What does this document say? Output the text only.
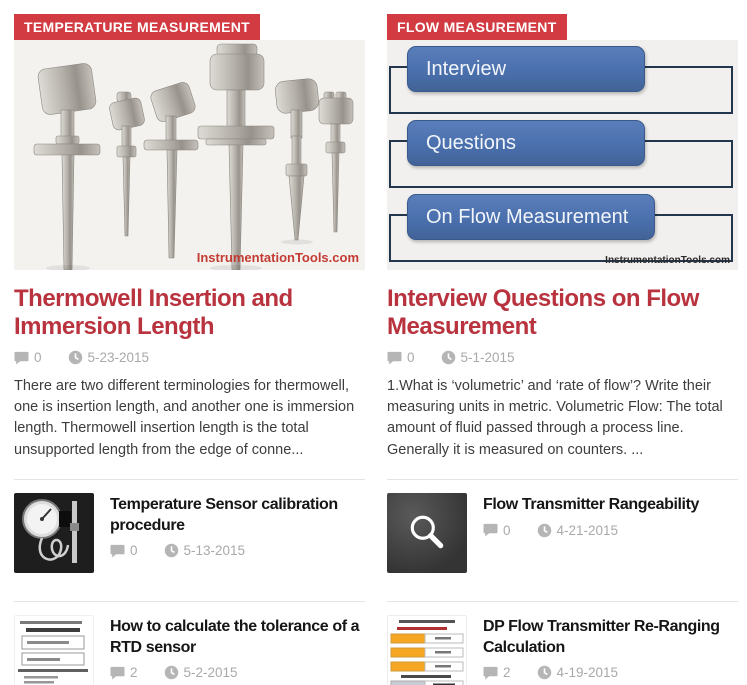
TEMPERATURE MEASUREMENT
InstrumentationTools.com
Thermowell Insertion and Immersion Length
0	5-23-2015

There are two different terminologies for thermowell, one is insertion length, and another one is immersion length. Thermowell insertion length is the total unsupported length from the edge of conne...

Temperature Sensor calibration procedure
0	5-13-2015
How to calculate the tolerance of a RTD sensor
2	5-2-2015
FLOW MEASUREMENT
Interview
Questions
On Flow Measurement
InstrumentationTools.com
Interview Questions on Flow Measurement
0	5-1-2015

1.What is ‘volumetric’ and ‘rate of flow’? Write their measuring units in metric. Volumetric Flow: The total amount of fluid passed through a process line. Generally it is measured on counters. ...

Flow Transmitter Rangeability
0	4-21-2015
DP Flow Transmitter Re-Ranging Calculation
2	4-19-2015
